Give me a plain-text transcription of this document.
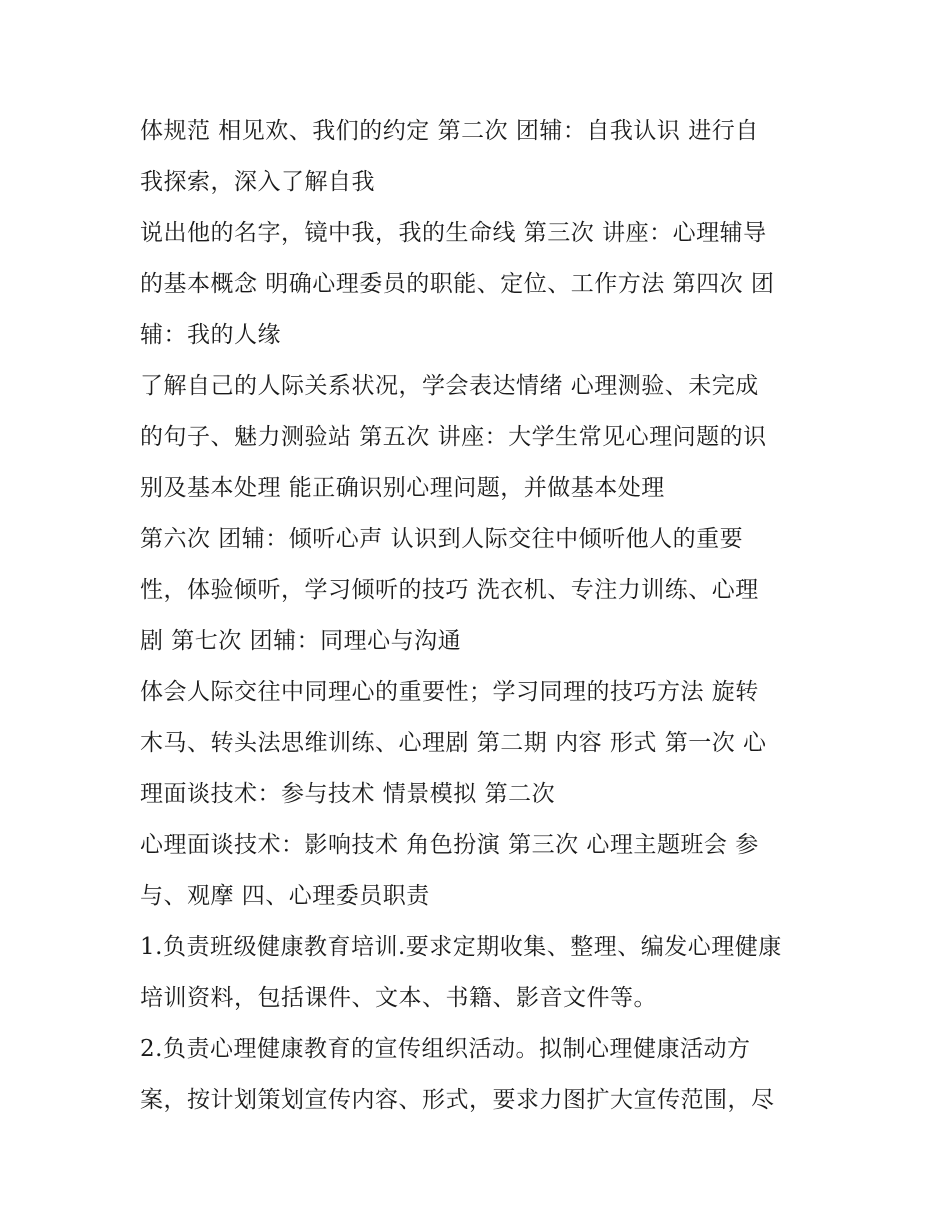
体规范 相见欢、我们的约定 第二次 团辅：自我认识 进行自
我探索，深入了解自我
说出他的名字，镜中我，我的生命线 第三次 讲座：心理辅导
的基本概念 明确心理委员的职能、定位、工作方法 第四次 团
辅：我的人缘
了解自己的人际关系状况，学会表达情绪 心理测验、未完成
的句子、魅力测验站 第五次 讲座：大学生常见心理问题的识
别及基本处理 能正确识别心理问题，并做基本处理
第六次 团辅：倾听心声 认识到人际交往中倾听他人的重要
性，体验倾听，学习倾听的技巧 洗衣机、专注力训练、心理
剧 第七次 团辅：同理心与沟通
体会人际交往中同理心的重要性；学习同理的技巧方法 旋转
木马、转头法思维训练、心理剧 第二期 内容 形式 第一次 心
理面谈技术：参与技术 情景模拟 第二次
心理面谈技术：影响技术 角色扮演 第三次 心理主题班会 参
与、观摩 四、心理委员职责
1.负责班级健康教育培训.要求定期收集、整理、编发心理健康
培训资料，包括课件、文本、书籍、影音文件等。
2.负责心理健康教育的宣传组织活动。拟制心理健康活动方
案，按计划策划宣传内容、形式，要求力图扩大宣传范围，尽
